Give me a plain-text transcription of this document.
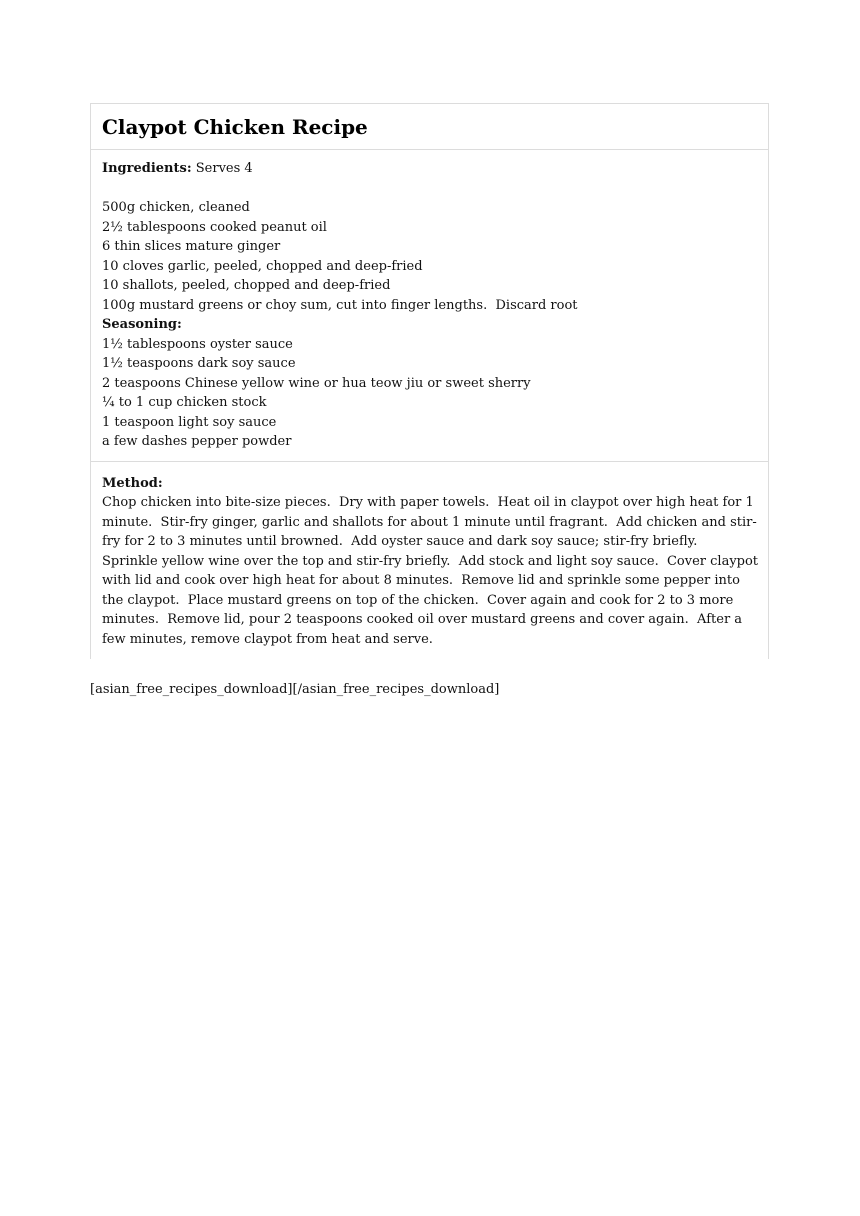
Claypot Chicken Recipe
Ingredients: Serves 4
500g chicken, cleaned
2½ tablespoons cooked peanut oil
6 thin slices mature ginger
10 cloves garlic, peeled, chopped and deep-fried
10 shallots, peeled, chopped and deep-fried
100g mustard greens or choy sum, cut into finger lengths.  Discard root
Seasoning:
1½ tablespoons oyster sauce
1½ teaspoons dark soy sauce
2 teaspoons Chinese yellow wine or hua teow jiu or sweet sherry
¼ to 1 cup chicken stock
1 teaspoon light soy sauce
a few dashes pepper powder
Method:
Chop chicken into bite-size pieces.  Dry with paper towels.  Heat oil in claypot over high heat for 1
minute.  Stir-fry ginger, garlic and shallots for about 1 minute until fragrant.  Add chicken and stir-
fry for 2 to 3 minutes until browned.  Add oyster sauce and dark soy sauce; stir-fry briefly.
Sprinkle yellow wine over the top and stir-fry briefly.  Add stock and light soy sauce.  Cover claypot
with lid and cook over high heat for about 8 minutes.  Remove lid and sprinkle some pepper into
the claypot.  Place mustard greens on top of the chicken.  Cover again and cook for 2 to 3 more
minutes.  Remove lid, pour 2 teaspoons cooked oil over mustard greens and cover again.  After a
few minutes, remove claypot from heat and serve.
[asian_free_recipes_download][/asian_free_recipes_download]
